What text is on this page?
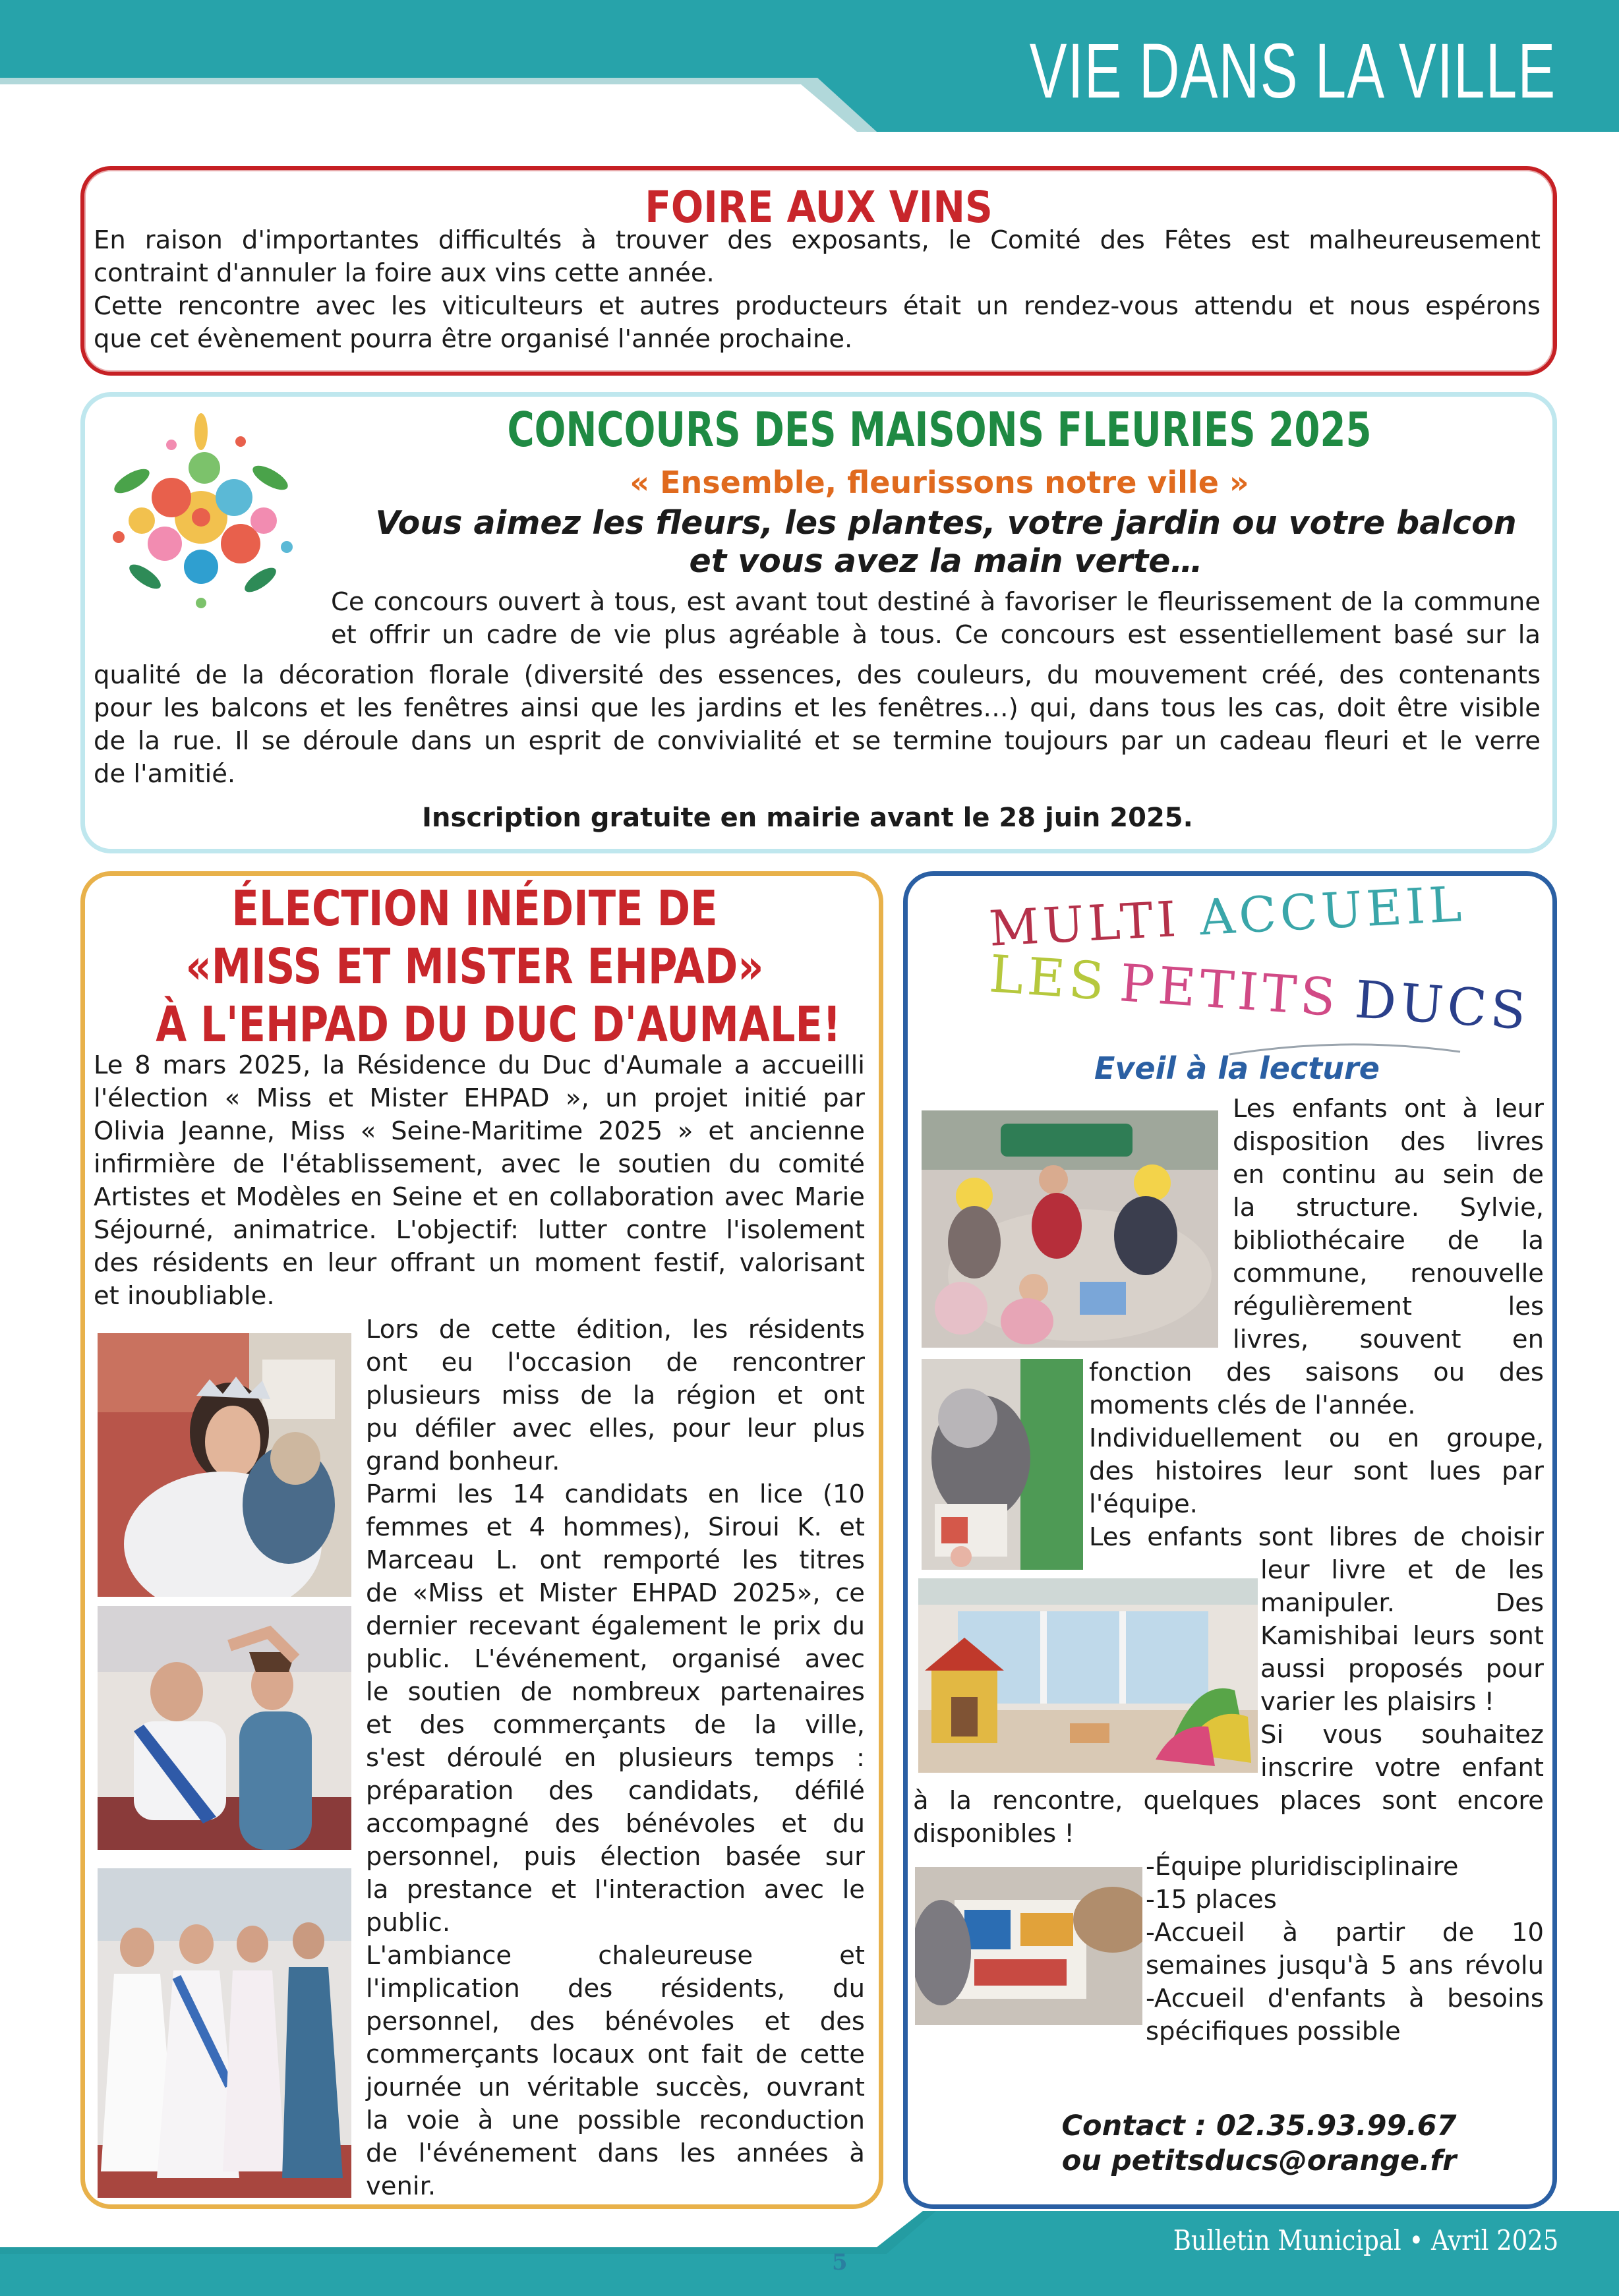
VIE DANS LA VILLE
FOIRE AUX VINS
En raison d'importantes difficultés à trouver des exposants, le Comité des Fêtes est malheureusement
contraint d'annuler la foire aux vins cette année.
Cette rencontre avec les viticulteurs et autres producteurs était un rendez-vous attendu et nous espérons
que cet évènement pourra être organisé l'année prochaine.
CONCOURS DES MAISONS FLEURIES 2025
« Ensemble, fleurissons notre ville »
Vous aimez les fleurs, les plantes, votre jardin ou votre balcon
et vous avez la main verte…
Ce concours ouvert à tous, est avant tout destiné à favoriser le fleurissement de la commune
et offrir un cadre de vie plus agréable à tous. Ce concours est essentiellement basé sur la
qualité de la décoration florale (diversité des essences, des couleurs, du mouvement créé, des contenants
pour les balcons et les fenêtres ainsi que les jardins et les fenêtres…) qui, dans tous les cas, doit être visible
de la rue. Il se déroule dans un esprit de convivialité et se termine toujours par un cadeau fleuri et le verre
de l'amitié.
Inscription gratuite en mairie avant le 28 juin 2025.
ÉLECTION INÉDITE DE
«MISS ET MISTER EHPAD»
À L'EHPAD DU DUC D'AUMALE!
Le 8 mars 2025, la Résidence du Duc d'Aumale a accueilli
l'élection « Miss et Mister EHPAD », un projet initié par
Olivia Jeanne, Miss « Seine-Maritime 2025 » et ancienne
infirmière de l'établissement, avec le soutien du comité
Artistes et Modèles en Seine et en collaboration avec Marie
Séjourné, animatrice. L'objectif: lutter contre l'isolement
des résidents en leur offrant un moment festif, valorisant
et inoubliable.
Lors de cette édition, les résidents
ont eu l'occasion de rencontrer
plusieurs miss de la région et ont
pu défiler avec elles, pour leur plus
grand bonheur.
Parmi les 14 candidats en lice (10
femmes et 4 hommes), Siroui K. et
Marceau L. ont remporté les titres
de «Miss et Mister EHPAD 2025», ce
dernier recevant également le prix du
public. L'événement, organisé avec
le soutien de nombreux partenaires
et des commerçants de la ville,
s'est déroulé en plusieurs temps :
préparation des candidats, défilé
accompagné des bénévoles et du
personnel, puis élection basée sur
la prestance et l'interaction avec le
public.
L'ambiance chaleureuse et
l'implication des résidents, du
personnel, des bénévoles et des
commerçants locaux ont fait de cette
journée un véritable succès, ouvrant
la voie à une possible reconduction
de l'événement dans les années à
venir.
MULTI ACCUEIL
LES PETITS DUCS
Eveil à la lecture
Les enfants ont à leur
disposition des livres
en continu au sein de
la structure. Sylvie,
bibliothécaire de la
commune, renouvelle
régulièrement les
livres, souvent en
fonction des saisons ou des
moments clés de l'année.
Individuellement ou en groupe,
des histoires leur sont lues par
l'équipe.
Les enfants sont libres de choisir
leur livre et de les
manipuler. Des
Kamishibai leurs sont
aussi proposés pour
varier les plaisirs !
Si vous souhaitez
inscrire votre enfant
à la rencontre, quelques places sont encore
disponibles !
-Équipe pluridisciplinaire
-15 places
-Accueil à partir de 10
semaines jusqu'à 5 ans révolu
-Accueil d'enfants à besoins
spécifiques possible
Contact : 02.35.93.99.67
ou petitsducs@orange.fr
Bulletin Municipal • Avril 2025
5
